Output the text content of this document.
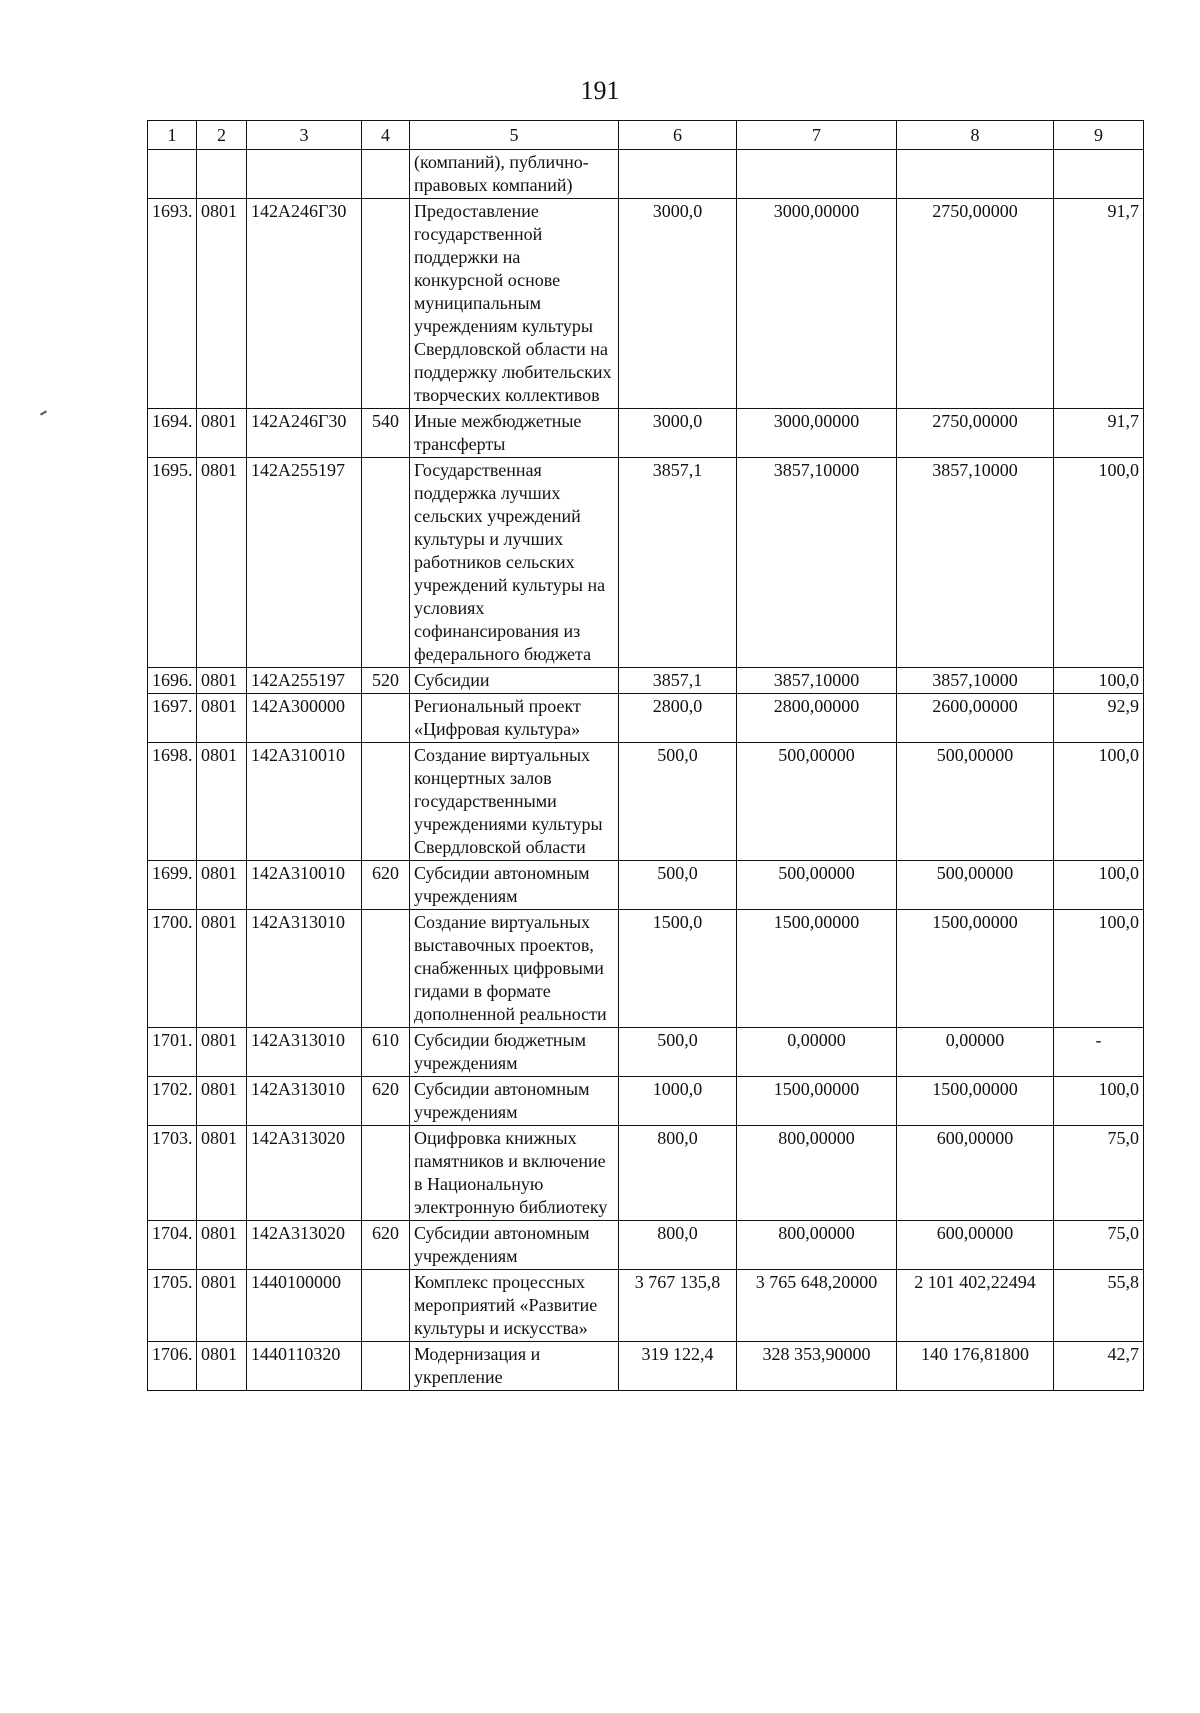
191
1	2	3	4	5	6	7	8	9
				(компаний), публично-правовых компаний)				
1693.	0801	142A246Г30		Предоставление государственной поддержки на конкурсной основе муниципальным учреждениям культуры Свердловской области на поддержку любительских творческих коллективов	3000,0	3000,00000	2750,00000	91,7
1694.	0801	142A246Г30	540	Иные межбюджетные трансферты	3000,0	3000,00000	2750,00000	91,7
1695.	0801	142A255197		Государственная поддержка лучших сельских учреждений культуры и лучших работников сельских учреждений культуры на условиях софинансирования из федерального бюджета	3857,1	3857,10000	3857,10000	100,0
1696.	0801	142A255197	520	Субсидии	3857,1	3857,10000	3857,10000	100,0
1697.	0801	142A300000		Региональный проект «Цифровая культура»	2800,0	2800,00000	2600,00000	92,9
1698.	0801	142A310010		Создание виртуальных концертных залов государственными учреждениями культуры Свердловской области	500,0	500,00000	500,00000	100,0
1699.	0801	142A310010	620	Субсидии автономным учреждениям	500,0	500,00000	500,00000	100,0
1700.	0801	142A313010		Создание виртуальных выставочных проектов, снабженных цифровыми гидами в формате дополненной реальности	1500,0	1500,00000	1500,00000	100,0
1701.	0801	142A313010	610	Субсидии бюджетным учреждениям	500,0	0,00000	0,00000	-
1702.	0801	142A313010	620	Субсидии автономным учреждениям	1000,0	1500,00000	1500,00000	100,0
1703.	0801	142A313020		Оцифровка книжных памятников и включение в Национальную электронную библиотеку	800,0	800,00000	600,00000	75,0
1704.	0801	142A313020	620	Субсидии автономным учреждениям	800,0	800,00000	600,00000	75,0
1705.	0801	1440100000		Комплекс процессных мероприятий «Развитие культуры и искусства»	3 767 135,8	3 765 648,20000	2 101 402,22494	55,8
1706.	0801	1440110320		Модернизация и укрепление	319 122,4	328 353,90000	140 176,81800	42,7
